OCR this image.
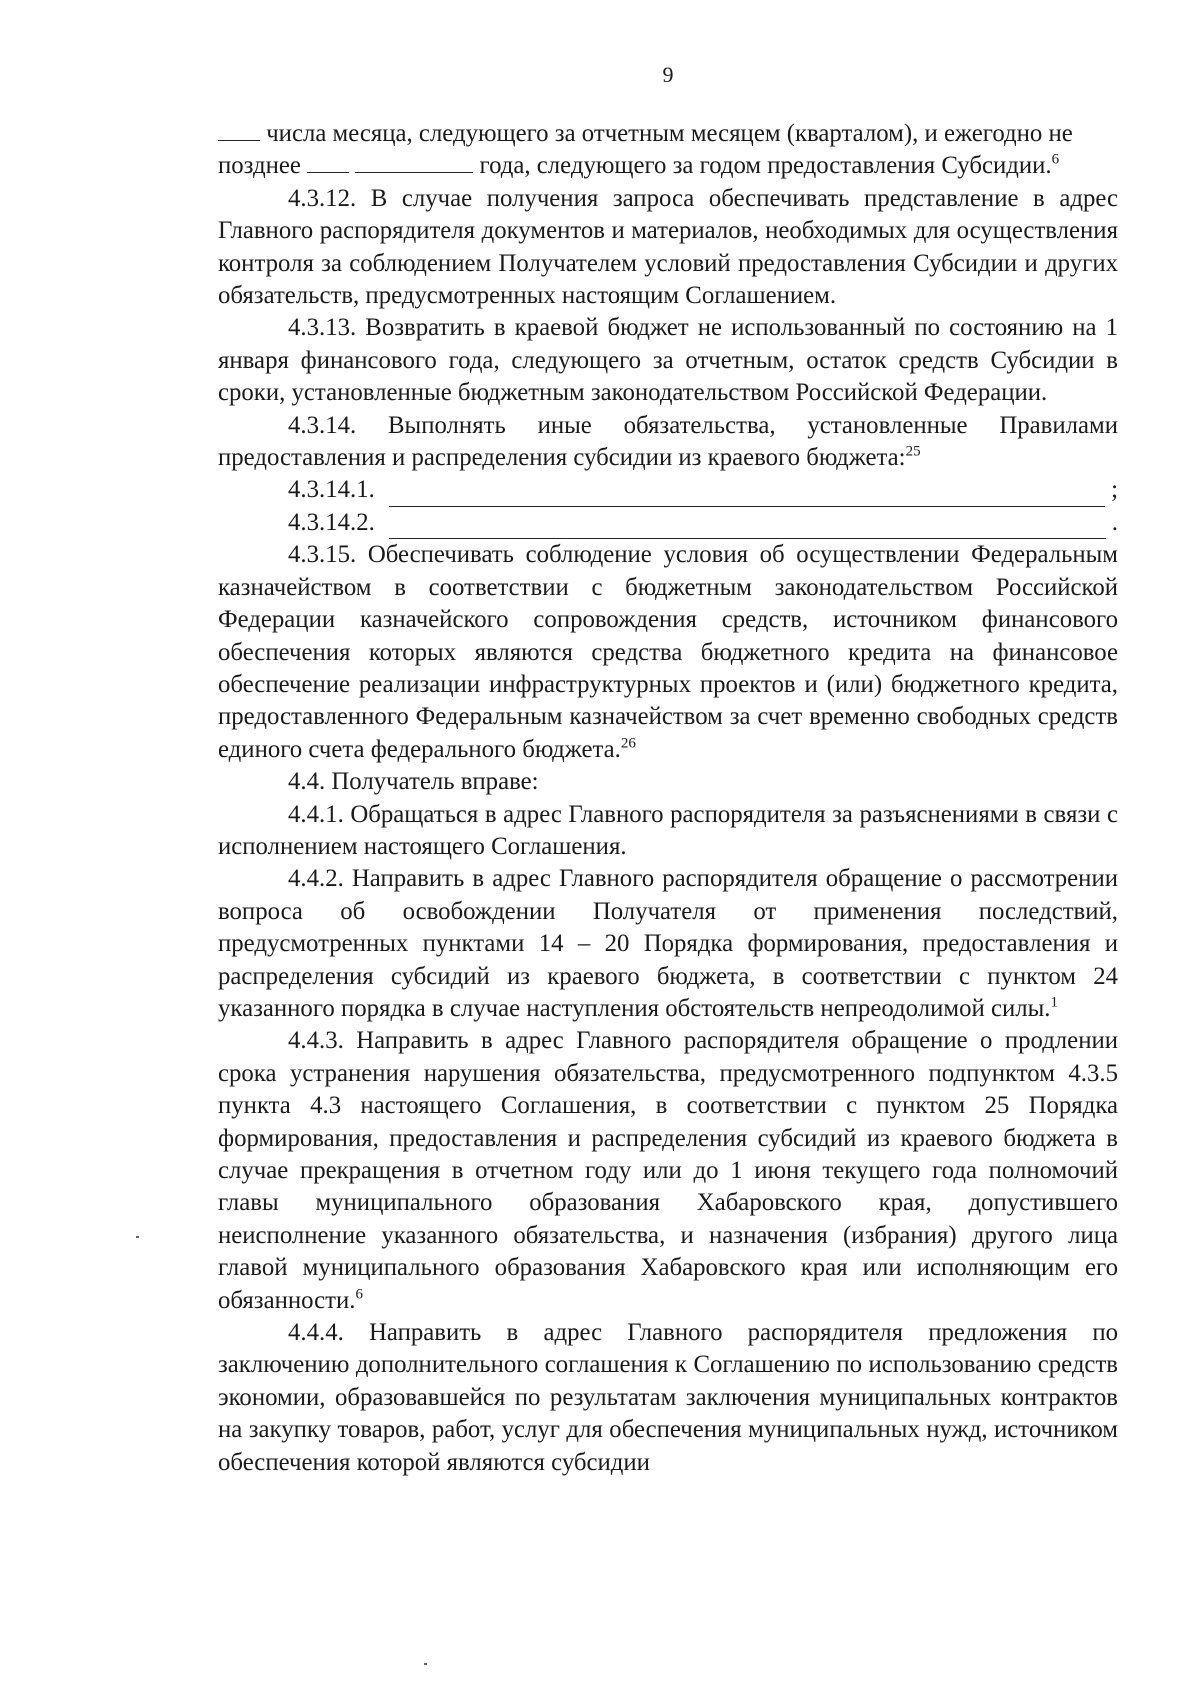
9

числа месяца, следующего за отчетным месяцем (кварталом), и ежегодно не позднее	года, следующего за годом предоставления Субсидии.$^6$

4.3.12. В случае получения запроса обеспечивать представление в адрес Главного распорядителя документов и материалов, необходимых для осуществления контроля за соблюдением Получателем условий предоставления Субсидии и других обязательств, предусмотренных настоящим Соглашением.

4.3.13. Возвратить в краевой бюджет не использованный по состоянию на 1 января финансового года, следующего за отчетным, остаток средств Субсидии в сроки, установленные бюджетным законодательством Российской Федерации.

4.3.14. Выполнять иные обязательства, установленные Правилами предоставления и распределения субсидии из краевого бюджета:$^{25}$

4.3.14.1.	;
4.3.14.2.	.

4.3.15. Обеспечивать соблюдение условия об осуществлении Федеральным казначейством в соответствии с бюджетным законодательством Российской Федерации казначейского сопровождения средств, источником финансового обеспечения которых являются средства бюджетного кредита на финансовое обеспечение реализации инфраструктурных проектов и (или) бюджетного кредита, предоставленного Федеральным казначейством за счет временно свободных средств единого счета федерального бюджета.$^{26}$

4.4. Получатель вправе:

4.4.1. Обращаться в адрес Главного распорядителя за разъяснениями в связи с исполнением настоящего Соглашения.

4.4.2. Направить в адрес Главного распорядителя обращение о рассмотрении вопроса об освобождении Получателя от применения последствий, предусмотренных пунктами 14 – 20 Порядка формирования, предоставления и распределения субсидий из краевого бюджета, в соответствии с пунктом 24 указанного порядка в случае наступления обстоятельств непреодолимой силы.$^1$

4.4.3. Направить в адрес Главного распорядителя обращение о продлении срока устранения нарушения обязательства, предусмотренного подпунктом 4.3.5 пункта 4.3 настоящего Соглашения, в соответствии с пунктом 25 Порядка формирования, предоставления и распределения субсидий из краевого бюджета в случае прекращения в отчетном году или до 1 июня текущего года полномочий главы муниципального образования Хабаровского края, допустившего неисполнение указанного обязательства, и назначения (избрания) другого лица главой муниципального образования Хабаровского края или исполняющим его обязанности.$^6$

4.4.4. Направить в адрес Главного распорядителя предложения по заключению дополнительного соглашения к Соглашению по использованию средств экономии, образовавшейся по результатам заключения муниципальных контрактов на закупку товаров, работ, услуг для обеспечения муниципальных нужд, источником обеспечения которой являются субсидии
